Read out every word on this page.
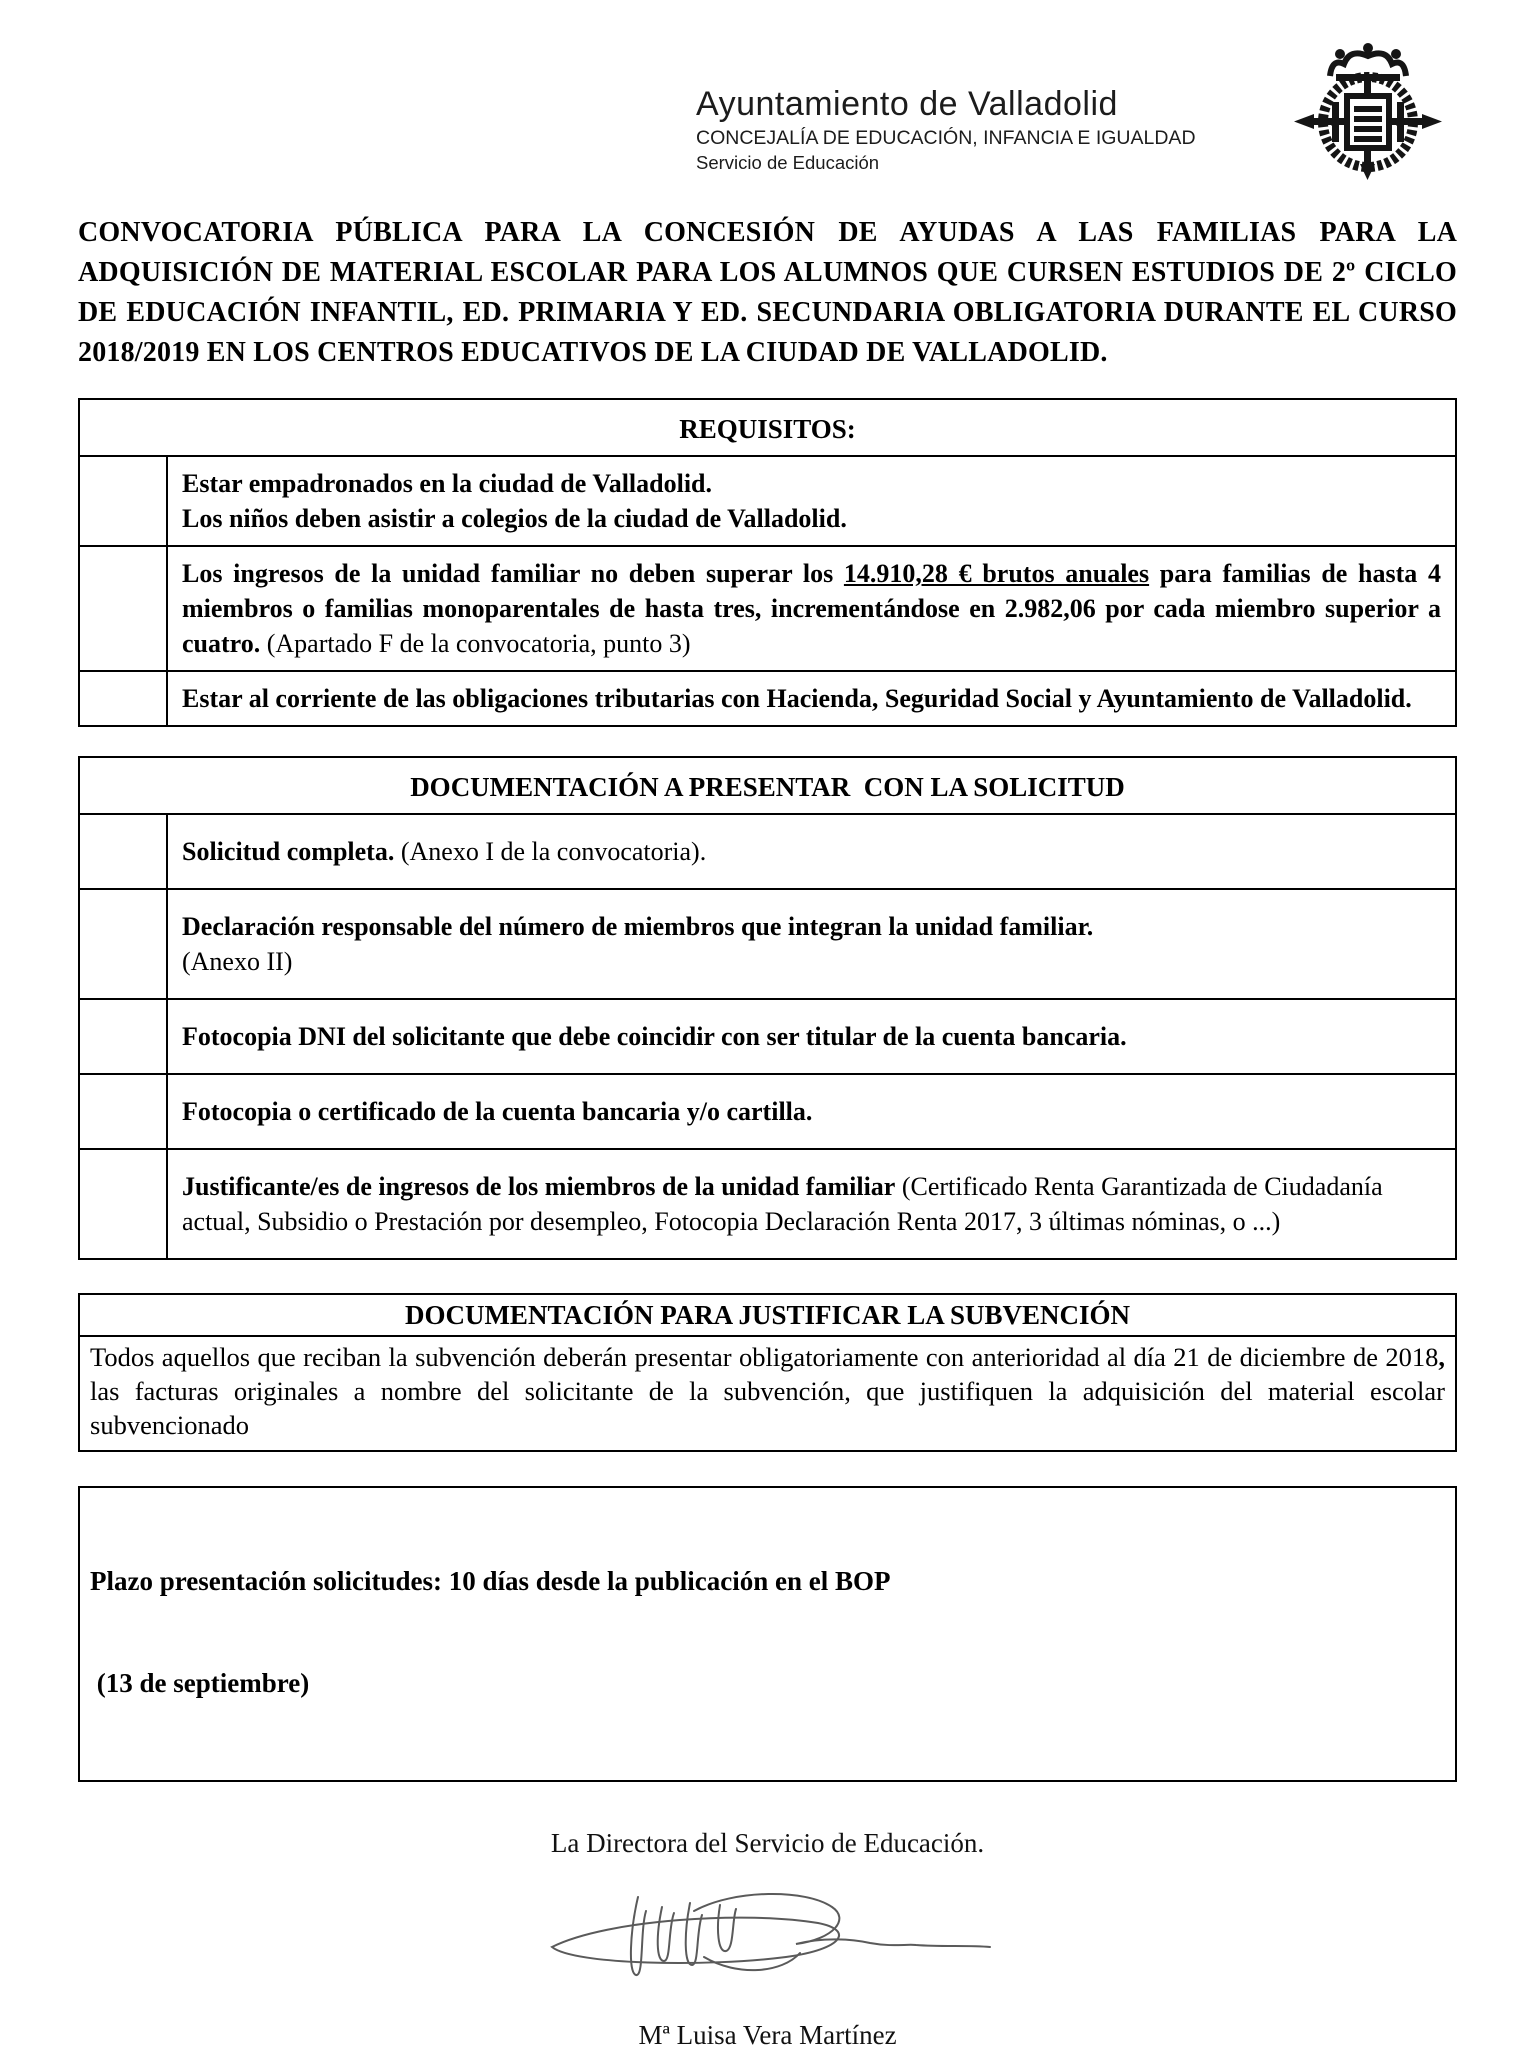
Ayuntamiento de Valladolid
CONCEJALÍA DE EDUCACIÓN, INFANCIA E IGUALDAD
Servicio de Educación

CONVOCATORIA PÚBLICA PARA LA CONCESIÓN DE AYUDAS A LAS FAMILIAS PARA LA ADQUISICIÓN DE MATERIAL ESCOLAR PARA LOS ALUMNOS QUE CURSEN ESTUDIOS DE 2º CICLO DE EDUCACIÓN INFANTIL, ED. PRIMARIA Y ED. SECUNDARIA OBLIGATORIA DURANTE EL CURSO 2018/2019 EN LOS CENTROS EDUCATIVOS DE LA CIUDAD DE VALLADOLID.

REQUISITOS:	

	Estar empadronados en la ciudad de Valladolid.
Los niños deben asistir a colegios de la ciudad de Valladolid.

	Los ingresos de la unidad familiar no deben superar los 14.910,28 € brutos anuales para familias de hasta 4 miembros o familias monoparentales de hasta tres, incrementándose en 2.982,06 por cada miembro superior a cuatro. (Apartado F de la convocatoria, punto 3)
	Estar al corriente de las obligaciones tributarias con Hacienda, Seguridad Social y Ayuntamiento de Valladolid.
DOCUMENTACIÓN A PRESENTAR  CON LA SOLICITUD	
	Solicitud completa. (Anexo I de la convocatoria).
	Declaración responsable del número de miembros que integran la unidad familiar.
(Anexo II)

	Fotocopia DNI del solicitante que debe coincidir con ser titular de la cuenta bancaria.
	Fotocopia o certificado de la cuenta bancaria y/o cartilla.
	Justificante/es de ingresos de los miembros de la unidad familiar (Certificado Renta Garantizada de Ciudadanía actual, Subsidio o Prestación por desempleo, Fotocopia Declaración Renta 2017, 3 últimas nóminas, o ...)
DOCUMENTACIÓN PARA JUSTIFICAR LA SUBVENCIÓN
Todos aquellos que reciban la subvención deberán presentar obligatoriamente con anterioridad al día 21 de diciembre de 2018, las facturas originales a nombre del solicitante de la subvención, que justifiquen la adquisición del material escolar subvencionado

Plazo presentación solicitudes: 10 días desde la publicación en el BOP

(13 de septiembre)

La Directora del Servicio de Educación.

Mª Luisa Vera Martínez
